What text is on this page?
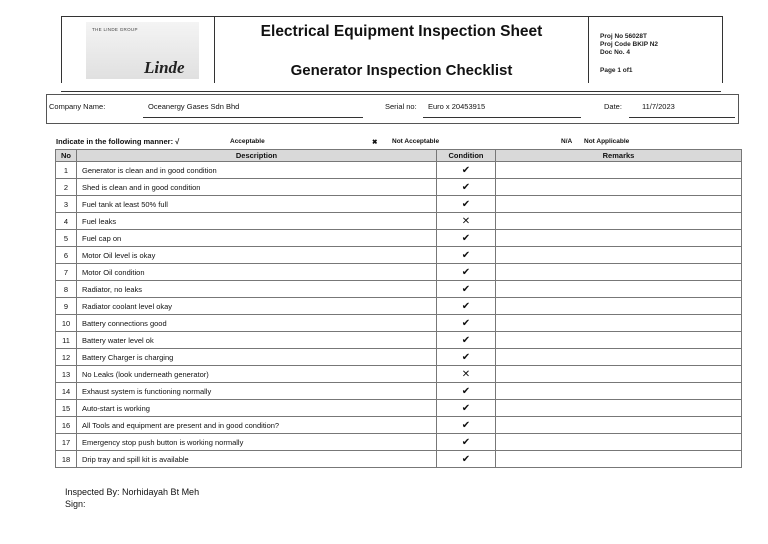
THE LINDE GROUP
Linde
Electrical Equipment Inspection Sheet
Generator Inspection Checklist
Proj No 56028T
Proj Code BKIP N2
Doc No. 4
Page 1 of1
Company Name:	Oceanergy Gases Sdn Bhd	Serial no: Euro x 20453915	Date:	11/7/2023
Indicate in the following manner: √	Acceptable	✖ Not Acceptable	N/A Not Applicable
No	Description	Condition	Remarks
1	Generator is clean and in good condition	✔	
2	Shed is clean and in good condition	✔	
3	Fuel tank at least 50% full	✔	
4	Fuel leaks	✕	
5	Fuel cap on	✔	
6	Motor Oil level is okay	✔	
7	Motor Oil condition	✔	
8	Radiator, no leaks	✔	
9	Radiator coolant level okay	✔	
10	Battery connections good	✔	
11	Battery water level ok	✔	
12	Battery Charger is charging	✔	
13	No Leaks (look underneath generator)	✕	
14	Exhaust system is functioning normally	✔	
15	Auto-start is working	✔	
16	All Tools and equipment are present and in good condition?	✔	
17	Emergency stop push button is working normally	✔	
18	Drip tray and spill kit is available	✔	
Inspected By: Norhidayah Bt Meh
Sign:
